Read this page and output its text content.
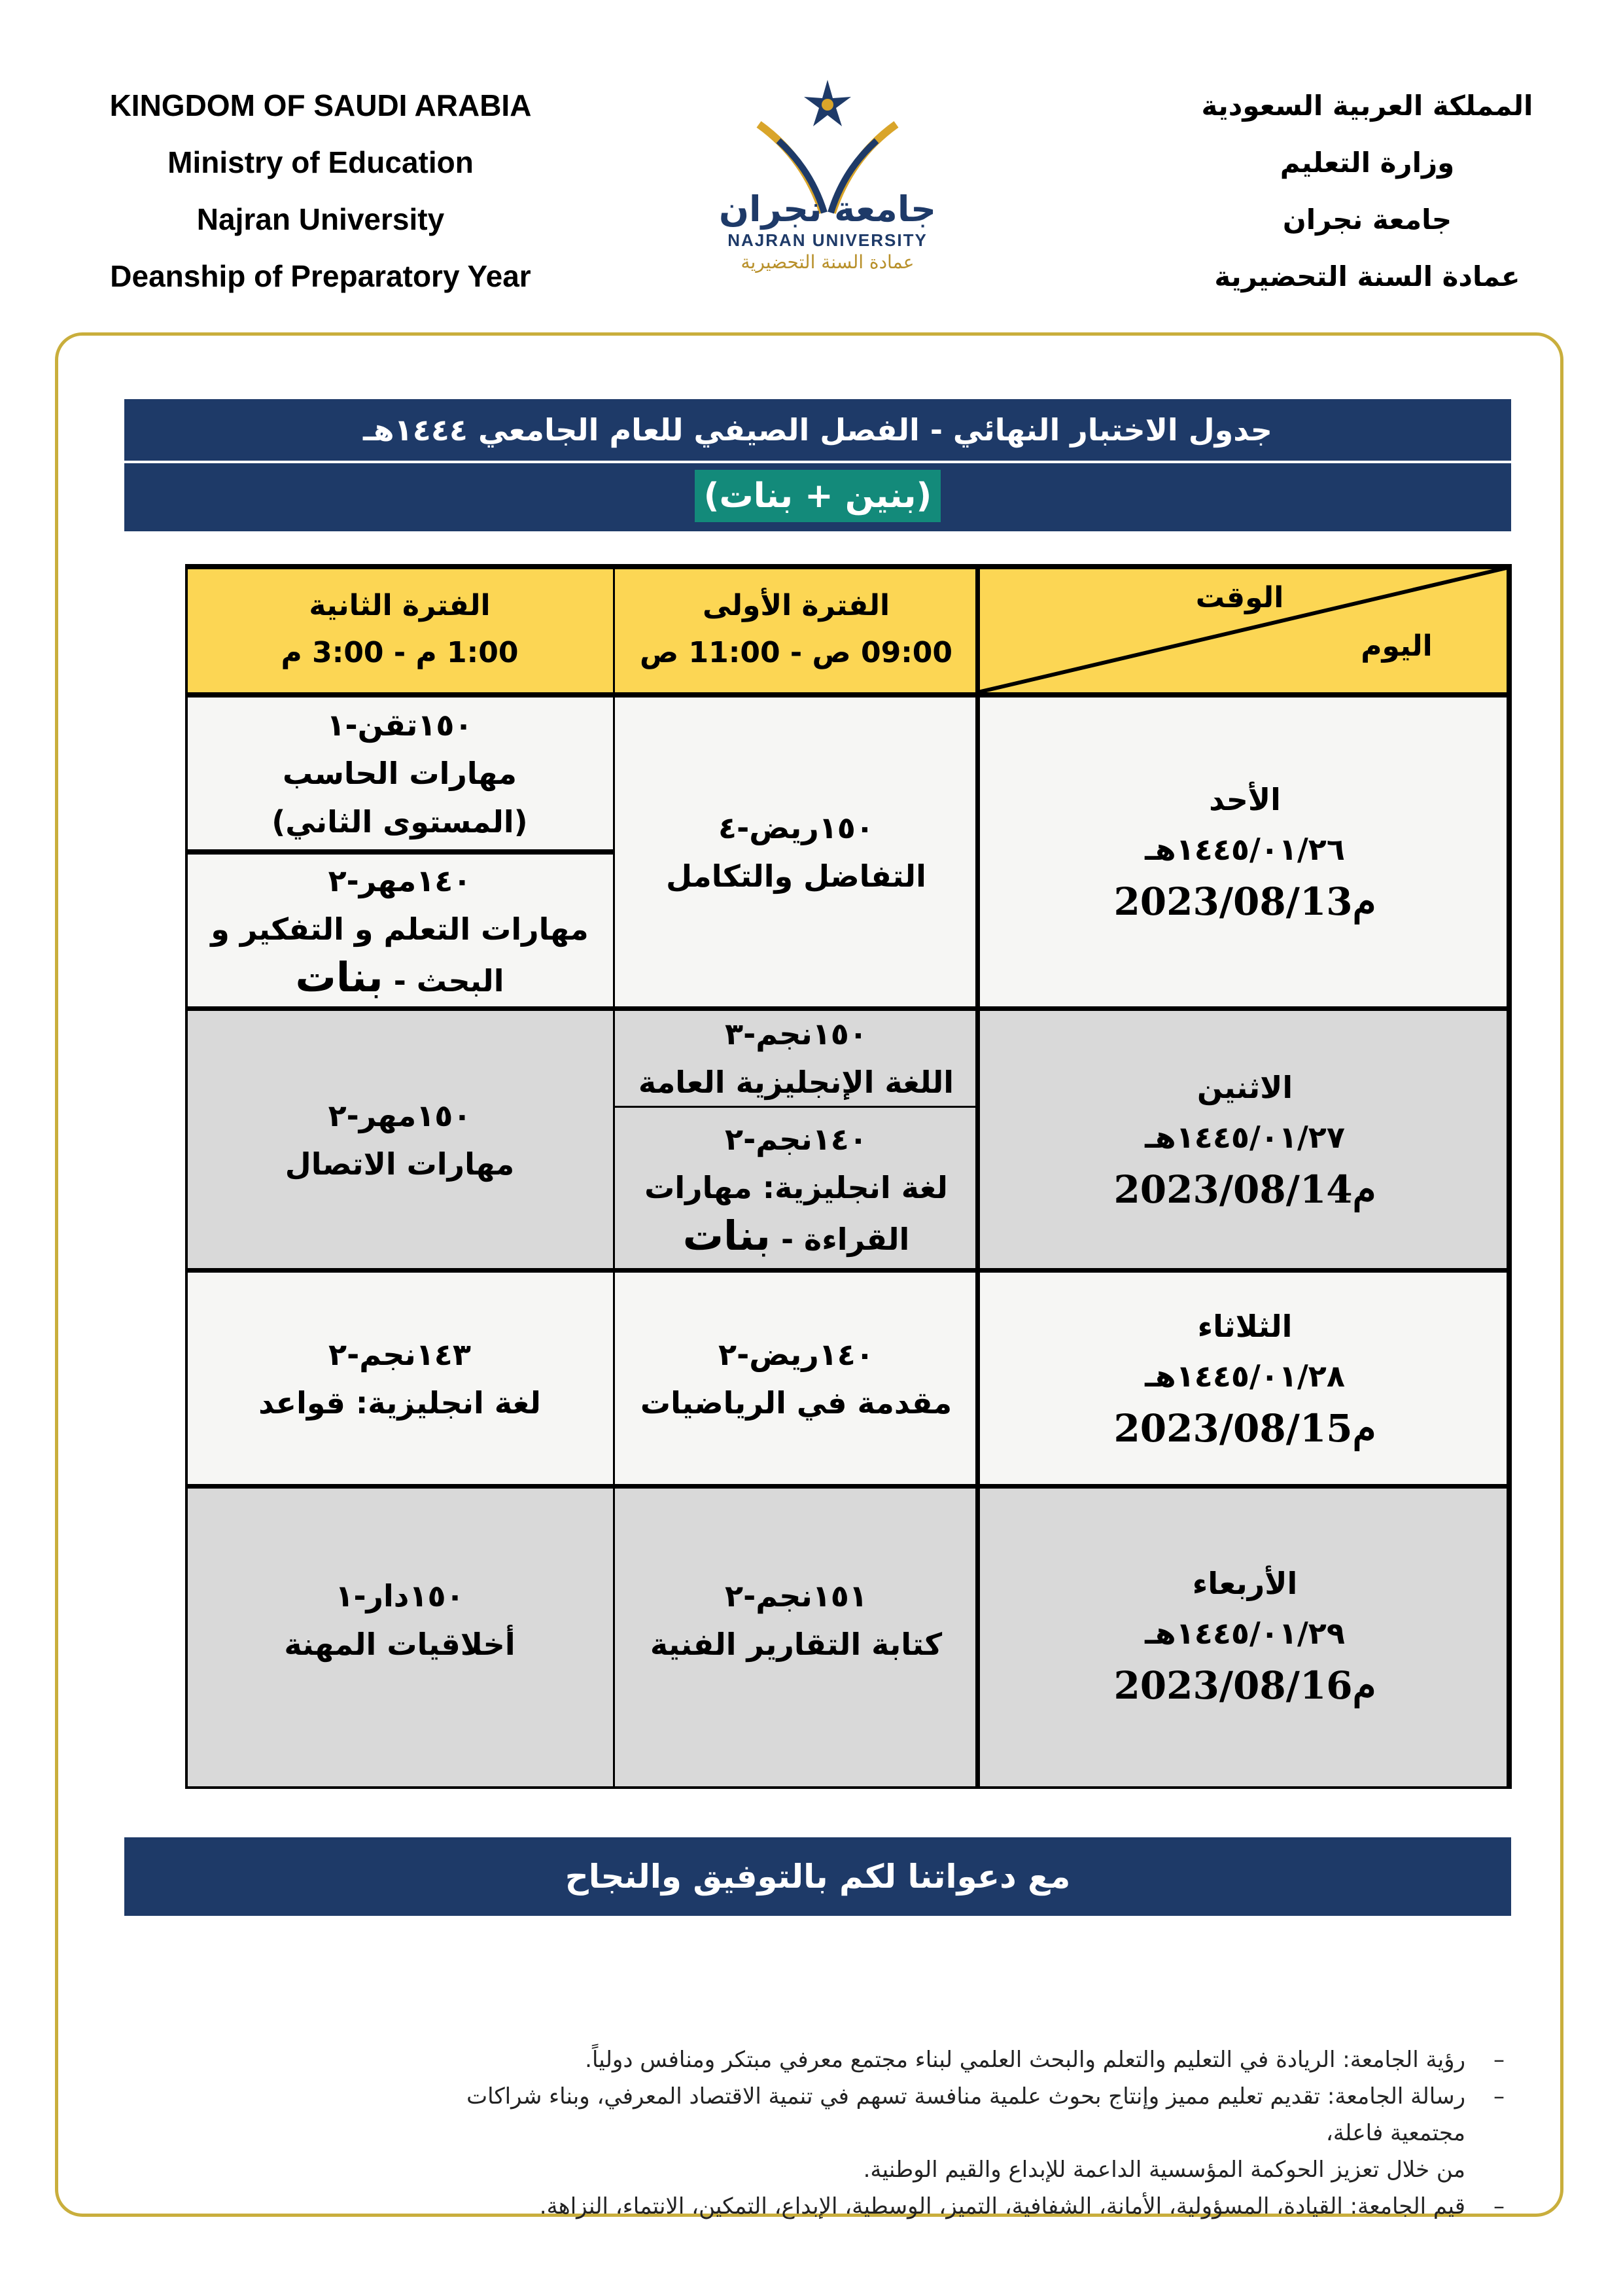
KINGDOM OF SAUDI ARABIA
Ministry of Education
Najran University
Deanship of Preparatory Year
جامعة نجران
NAJRAN UNIVERSITY
عمادة السنة التحضيرية
المملكة العربية السعودية
وزارة التعليم
جامعة نجران
عمادة السنة التحضيرية
جدول الاختبار النهائي - الفصل الصيفي للعام الجامعي ١٤٤٤هـ
(بنين + بنات)
الفترة الثانية
1:00 م - 3:00 م
الفترة الأولى
09:00 ص - 11:00 ص
الوقت
اليوم
الأحد
١٤٤٥/٠١/٢٦هـ
2023/08/13م
١٥٠ريض-٤
التفاضل والتكامل
١٥٠تقن-١
مهارات الحاسب
(المستوى الثاني)
١٤٠مهر-٢
مهارات التعلم و التفكير و
البحث - بنات
الاثنين
١٤٤٥/٠١/٢٧هـ
2023/08/14م
١٥٠نجم-٣
اللغة الإنجليزية العامة
١٤٠نجم-٢
لغة انجليزية: مهارات
القراءة - بنات
١٥٠مهر-٢
مهارات الاتصال
الثلاثاء
١٤٤٥/٠١/٢٨هـ
2023/08/15م
١٤٠ريض-٢
مقدمة في الرياضيات
١٤٣نجم-٢
لغة انجليزية: قواعد
الأربعاء
١٤٤٥/٠١/٢٩هـ
2023/08/16م
١٥١نجم-٢
كتابة التقارير الفنية
١٥٠دار-١
أخلاقيات المهنة
مع دعواتنا لكم بالتوفيق والنجاح
– رؤية الجامعة: الريادة في التعليم والتعلم والبحث العلمي لبناء مجتمع معرفي مبتكر ومنافس دولياً.
– رسالة الجامعة: تقديم تعليم مميز وإنتاج بحوث علمية منافسة تسهم في تنمية الاقتصاد المعرفي، وبناء شراكات مجتمعية فاعلة،
من خلال تعزيز الحوكمة المؤسسية الداعمة للإبداع والقيم الوطنية.
– قيم الجامعة: القيادة، المسؤولية، الأمانة، الشفافية، التميز، الوسطية، الإبداع، التمكين، الانتماء، النزاهة.
